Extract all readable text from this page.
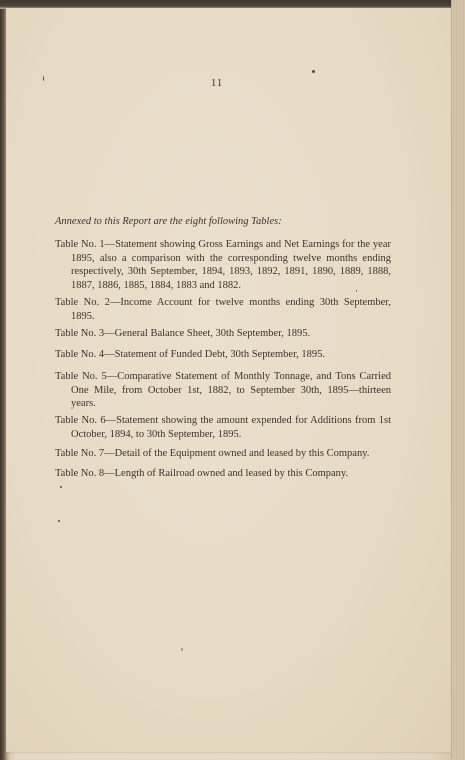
11

Annexed to this Report are the eight following Tables:

Table No. 1—Statement showing Gross Earnings and Net Earnings for the year 1895, also a comparison with the corresponding twelve months ending respectively, 30th September, 1894, 1893, 1892, 1891, 1890, 1889, 1888, 1887, 1886, 1885, 1884, 1883 and 1882.

Table No. 2—Income Account for twelve months ending 30th September, 1895.

Table No. 3—General Balance Sheet, 30th September, 1895.

Table No. 4—Statement of Funded Debt, 30th September, 1895.

Table No. 5—Comparative Statement of Monthly Tonnage, and Tons Carried One Mile, from October 1st, 1882, to September 30th, 1895—thirteen years.

Table No. 6—Statement showing the amount expended for Additions from 1st October, 1894, to 30th September, 1895.

Table No. 7—Detail of the Equipment owned and leased by this Company.

Table No. 8—Length of Railroad owned and leased by this Company.
